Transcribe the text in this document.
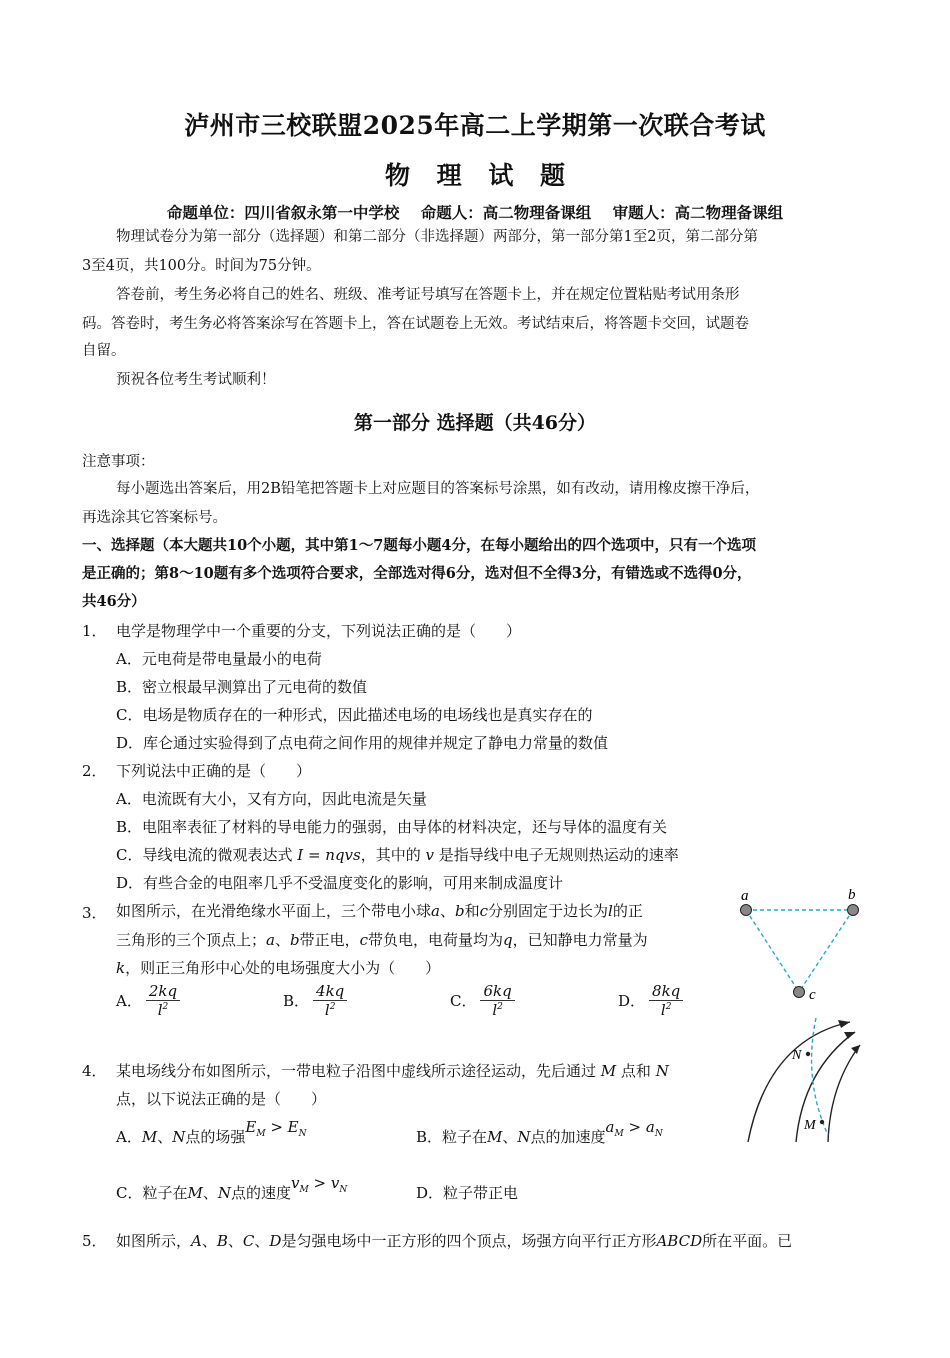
泸州市三校联盟2025年高二上学期第一次联合考试
物 理 试 题
命题单位：四川省叙永第一中学校 命题人：高二物理备课组 审题人：高二物理备课组
物理试卷分为第一部分（选择题）和第二部分（非选择题）两部分，第一部分第1至2页，第二部分第
3至4页，共100分。时间为75分钟。
答卷前，考生务必将自己的姓名、班级、准考证号填写在答题卡上，并在规定位置粘贴考试用条形
码。答卷时，考生务必将答案涂写在答题卡上，答在试题卷上无效。考试结束后，将答题卡交回，试题卷
自留。
预祝各位考生考试顺利！
第一部分 选择题（共46分）
注意事项：
每小题选出答案后，用2B铅笔把答题卡上对应题目的答案标号涂黑，如有改动，请用橡皮擦干净后，
再选涂其它答案标号。
一、选择题（本大题共10个小题，其中第1～7题每小题4分，在每小题给出的四个选项中，只有一个选项
是正确的；第8～10题有多个选项符合要求，全部选对得6分，选对但不全得3分，有错选或不选得0分，
共46分）
1． 电学是物理学中一个重要的分支，下列说法正确的是（　　）
A．元电荷是带电量最小的电荷
B．密立根最早测算出了元电荷的数值
C．电场是物质存在的一种形式，因此描述电场的电场线也是真实存在的
D．库仑通过实验得到了点电荷之间作用的规律并规定了静电力常量的数值
2． 下列说法中正确的是（　　）
A．电流既有大小，又有方向，因此电流是矢量
B．电阻率表征了材料的导电能力的强弱，由导体的材料决定，还与导体的温度有关
C．导线电流的微观表达式 I = nqvs，其中的 v 是指导线中电子无规则热运动的速率
D．有些合金的电阻率几乎不受温度变化的影响，可用来制成温度计
3． 如图所示，在光滑绝缘水平面上，三个带电小球a、b和c分别固定于边长为l的正
三角形的三个顶点上；a、b带正电，c带负电，电荷量均为q，已知静电力常量为
k，则正三角形中心处的电场强度大小为（　　）
A． $\frac{2kq}{l^2}$	B． $\frac{4kq}{l^2}$	C． $\frac{6kq}{l^2}$	D． $\frac{8kq}{l^2}$
a	b
c
4． 某电场线分布如图所示，一带电粒子沿图中虚线所示途径运动，先后通过 M 点和 N
点，以下说法正确的是（　　）
A．M、N点的场强$E_M > E_N$	B．粒子在M、N点的加速度$a_M > a_N$
C．粒子在M、N点的速度$v_M > v_N$	D．粒子带正电
N
M
5． 如图所示，A、B、C、D是匀强电场中一正方形的四个顶点，场强方向平行正方形ABCD所在平面。已
